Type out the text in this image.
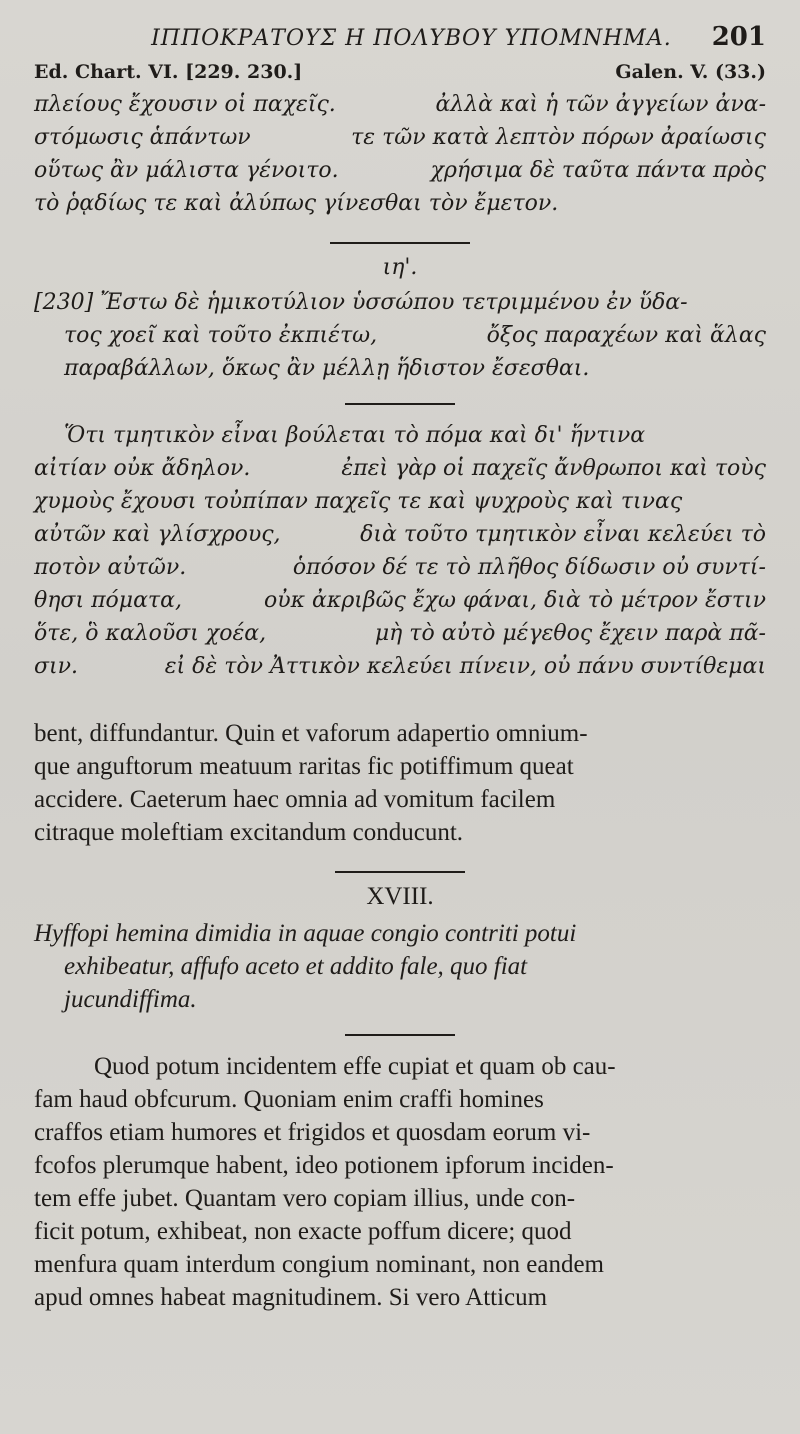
ΙΠΠΟΚΡΑΤΟΥΣ Η ΠΟΛΥΒΟΥ ΥΠΟΜΝΗΜΑ. 201
Ed. Chart. VI. [229. 230.]	Galen. V. (33.)
πλείους ἔχουσιν οἱ παχεῖς.	ἀλλὰ καὶ ἡ τῶν ἀγγείων ἀνα-
στόμωσις ἁπάντων	τε τῶν κατὰ λεπτὸν πόρων ἀραίωσις
οὕτως ἂν μάλιστα γένοιτο.	χρήσιμα δὲ ταῦτα πάντα πρὸς
τὸ ῥᾳδίως τε καὶ ἀλύπως γίνεσθαι τὸν ἔμετον.
ιη'.
[230] Ἔστω δὲ ἡμικοτύλιον ὑσσώπου τετριμμένου ἐν ὕδα-
τος χοεῖ καὶ τοῦτο ἐκπιέτω,	ὄξος παραχέων καὶ ἅλας
παραβάλλων, ὅκως ἂν μέλλῃ ἥδιστον ἔσεσθαι.
Ὅτι τμητικὸν εἶναι βούλεται τὸ πόμα καὶ δι' ἥντινα
αἰτίαν οὐκ ἄδηλον.	ἐπεὶ γὰρ οἱ παχεῖς ἄνθρωποι καὶ τοὺς
χυμοὺς ἔχουσι τοὐπίπαν παχεῖς τε καὶ ψυχροὺς καὶ τινας
αὐτῶν καὶ γλίσχρους,	διὰ τοῦτο τμητικὸν εἶναι κελεύει τὸ
ποτὸν αὐτῶν.	ὁπόσον δέ τε τὸ πλῆθος δίδωσιν οὐ συντί-
θησι πόματα,	οὐκ ἀκριβῶς ἔχω φάναι, διὰ τὸ μέτρον ἔστιν
ὅτε, ὃ καλοῦσι χοέα,	μὴ τὸ αὐτὸ μέγεθος ἔχειν παρὰ πᾶ-
σιν.	εἰ δὲ τὸν Ἀττικὸν κελεύει πίνειν, οὐ πάνυ συντίθεμαι
bent, diffundantur. Quin et vaforum adapertio omnium-
que anguftorum meatuum raritas fic potiffimum queat
accidere. Caeterum haec omnia ad vomitum facilem
citraque moleftiam excitandum conducunt.
XVIII.
Hyffopi hemina dimidia in aquae congio contriti potui
exhibeatur, affufo aceto et addito fale, quo fiat
jucundiffima.
Quod potum incidentem effe cupiat et quam ob cau-
fam haud obfcurum. Quoniam enim craffi homines
craffos etiam humores et frigidos et quosdam eorum vi-
fcofos plerumque habent, ideo potionem ipforum inciden-
tem effe jubet. Quantam vero copiam illius, unde con-
ficit potum, exhibeat, non exacte poffum dicere; quod
menfura quam interdum congium nominant, non eandem
apud omnes habeat magnitudinem. Si vero Atticum
